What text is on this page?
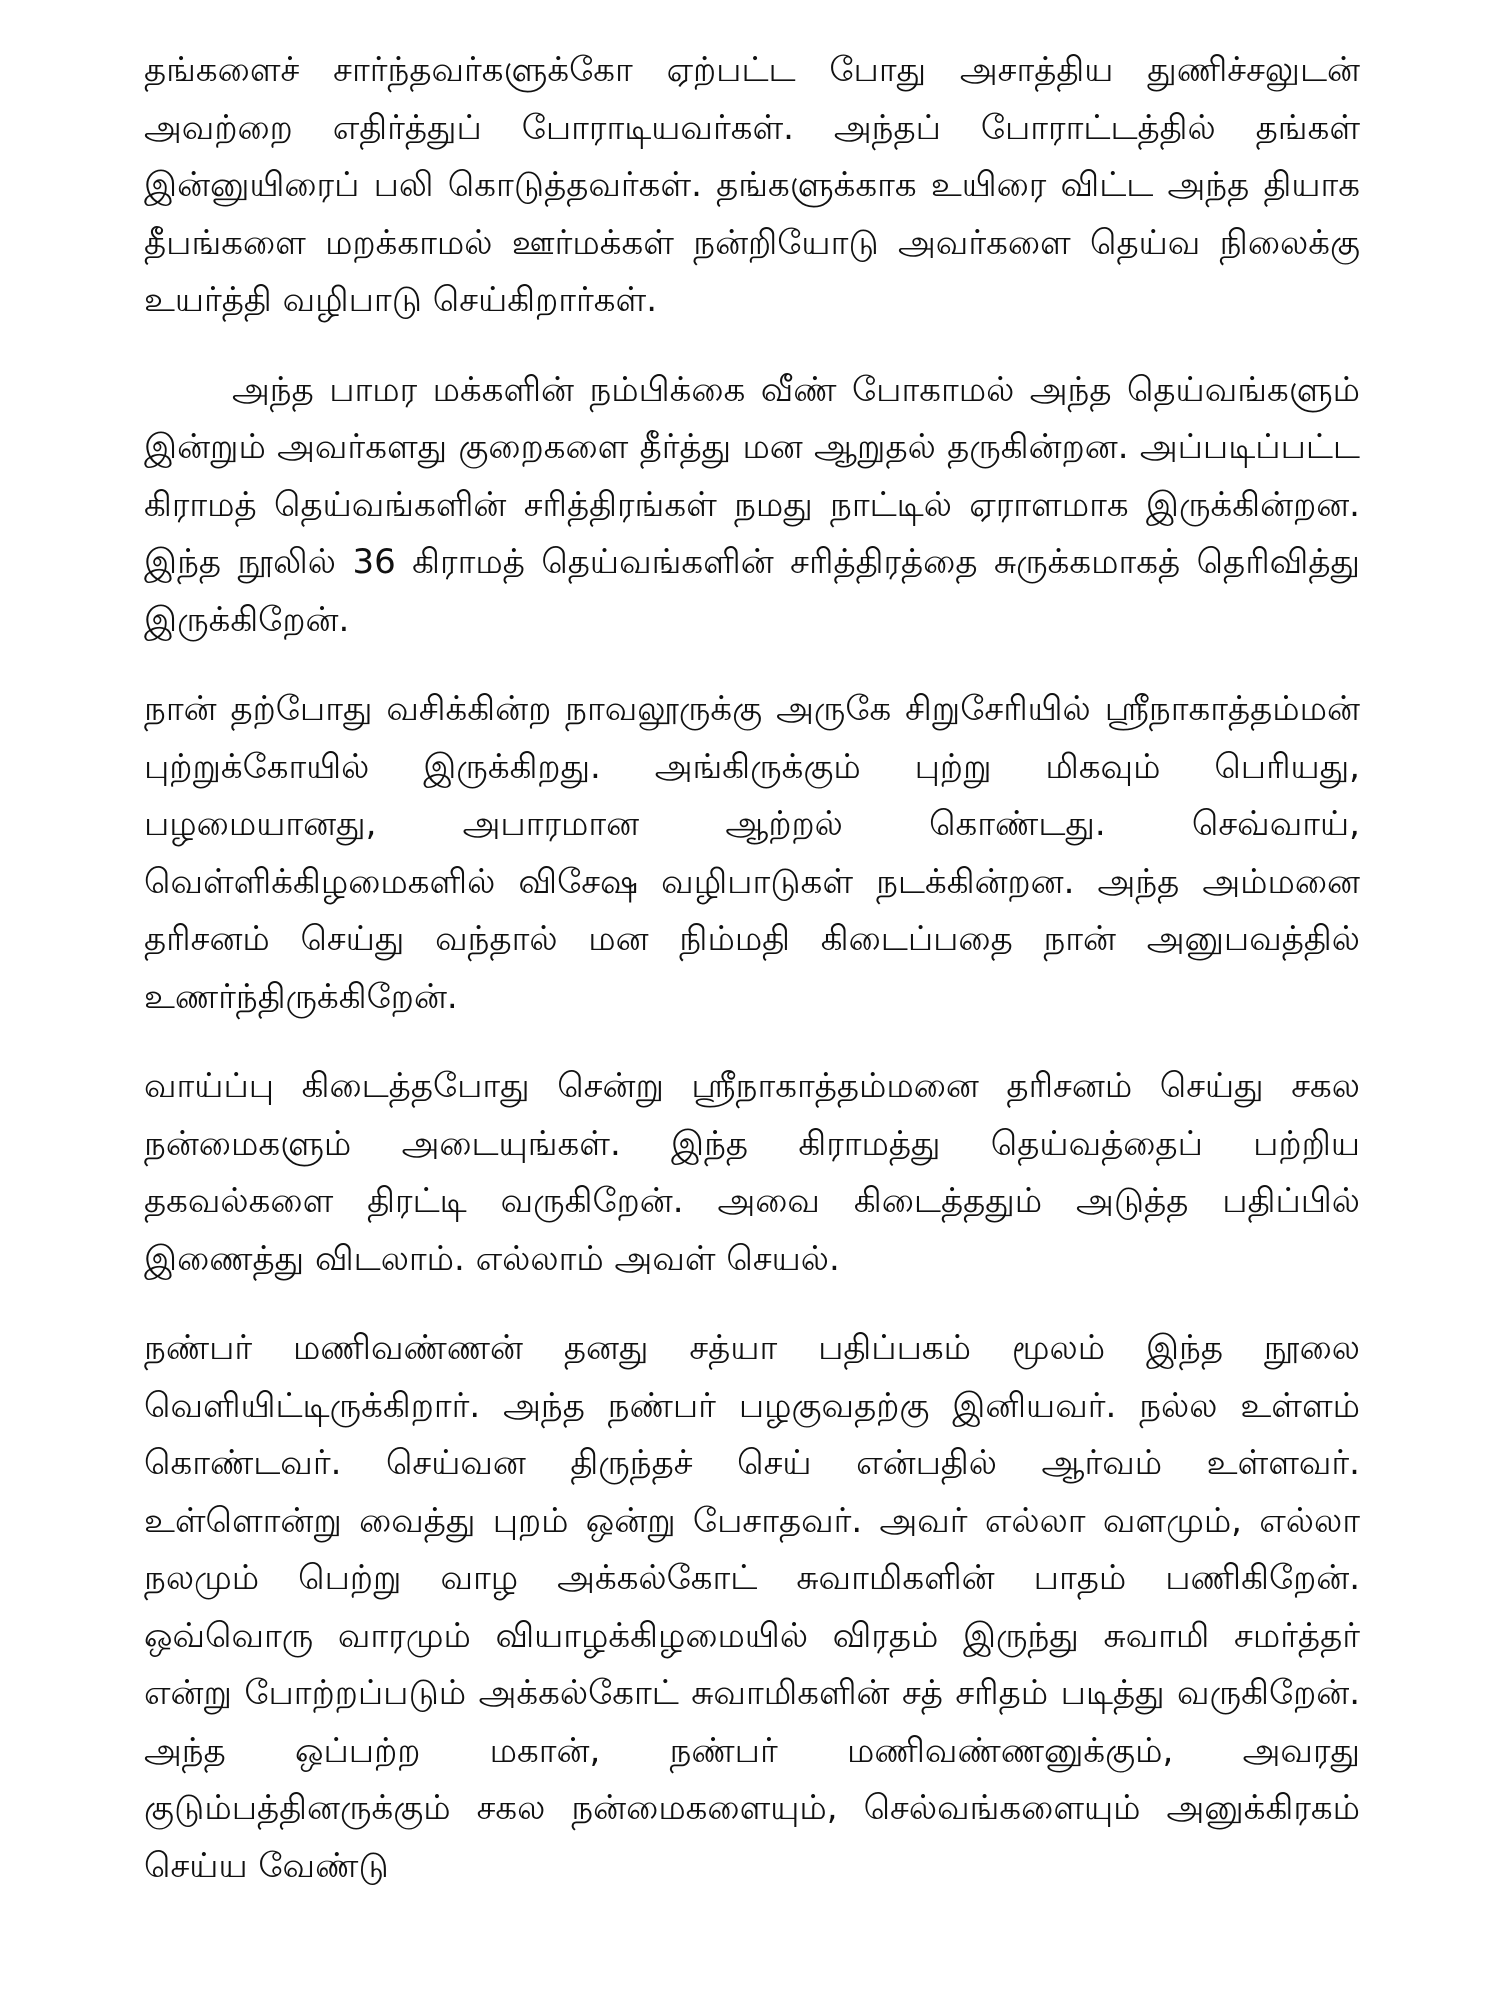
தங்களைச் சார்ந்தவர்களுக்கோ ஏற்பட்ட போது அசாத்திய துணிச்சலுடன் அவற்றை எதிர்த்துப் போராடியவர்கள். அந்தப் போராட்டத்தில் தங்கள் இன்னுயிரைப் பலி கொடுத்தவர்கள். தங்களுக்காக உயிரை விட்ட அந்த தியாக தீபங்களை மறக்காமல் ஊர்மக்கள் நன்றியோடு அவர்களை தெய்வ நிலைக்கு உயர்த்தி வழிபாடு செய்கிறார்கள்.

அந்த பாமர மக்களின் நம்பிக்கை வீண் போகாமல் அந்த தெய்வங்களும் இன்றும் அவர்களது குறைகளை தீர்த்து மன ஆறுதல் தருகின்றன. அப்படிப்பட்ட கிராமத் தெய்வங்களின் சரித்திரங்கள் நமது நாட்டில் ஏராளமாக இருக்கின்றன. இந்த நூலில் 36 கிராமத் தெய்வங்களின் சரித்திரத்தை சுருக்கமாகத் தெரிவித்து இருக்கிறேன்.

நான் தற்போது வசிக்கின்ற நாவலூருக்கு அருகே சிறுசேரியில் ஸ்ரீநாகாத்தம்மன் புற்றுக்கோயில் இருக்கிறது. அங்கிருக்கும் புற்று மிகவும் பெரியது, பழமையானது, அபாரமான ஆற்றல் கொண்டது. செவ்வாய், வெள்ளிக்கிழமைகளில் விசேஷ வழிபாடுகள் நடக்கின்றன. அந்த அம்மனை தரிசனம் செய்து வந்தால் மன நிம்மதி கிடைப்பதை நான் அனுபவத்தில் உணர்ந்திருக்கிறேன்.

வாய்ப்பு கிடைத்தபோது சென்று ஸ்ரீநாகாத்தம்மனை தரிசனம் செய்து சகல நன்மைகளும் அடையுங்கள். இந்த கிராமத்து தெய்வத்தைப் பற்றிய தகவல்களை திரட்டி வருகிறேன். அவை கிடைத்ததும் அடுத்த பதிப்பில் இணைத்து விடலாம். எல்லாம் அவள் செயல்.

நண்பர் மணிவண்ணன் தனது சத்யா பதிப்பகம் மூலம் இந்த நூலை வெளியிட்டிருக்கிறார். அந்த நண்பர் பழகுவதற்கு இனியவர். நல்ல உள்ளம் கொண்டவர். செய்வன திருந்தச் செய் என்பதில் ஆர்வம் உள்ளவர். உள்ளொன்று வைத்து புறம் ஒன்று பேசாதவர். அவர் எல்லா வளமும், எல்லா நலமும் பெற்று வாழ அக்கல்கோட் சுவாமிகளின் பாதம் பணிகிறேன். ஒவ்வொரு வாரமும் வியாழக்கிழமையில் விரதம் இருந்து சுவாமி சமர்த்தர் என்று போற்றப்படும் அக்கல்கோட் சுவாமிகளின் சத் சரிதம் படித்து வருகிறேன். அந்த ஒப்பற்ற மகான், நண்பர் மணிவண்ணனுக்கும், அவரது குடும்பத்தினருக்கும் சகல நன்மைகளையும், செல்வங்களையும் அனுக்கிரகம் செய்ய வேண்டு
